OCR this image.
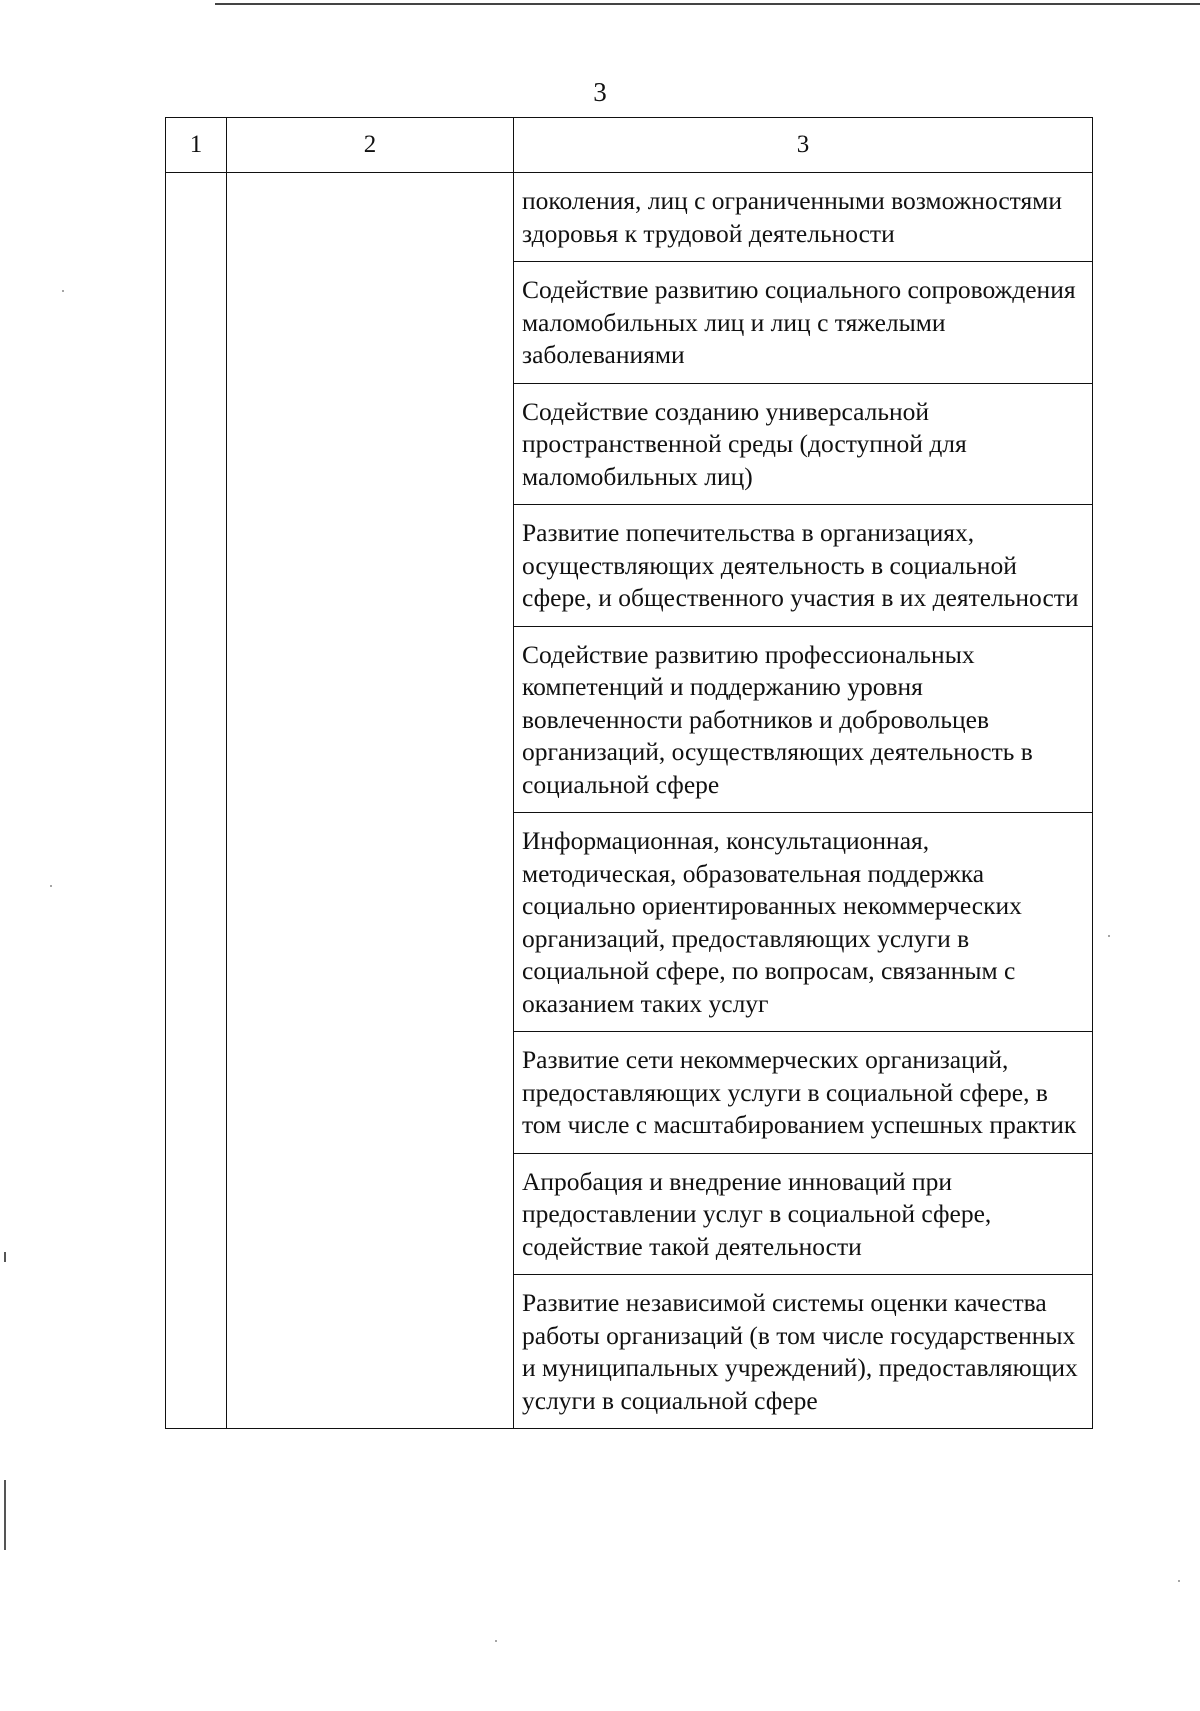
3
1	2	3

		поколения, лиц с ограниченными возможностями здоровья к трудовой деятельности

		Содействие развитию социального сопровождения маломобильных лиц и лиц с тяжелыми заболеваниями

		Содействие созданию универсальной пространственной среды (доступной для маломобильных лиц)

		Развитие попечительства в организациях, осуществляющих деятельность в социальной сфере, и общественного участия в их деятельности

		Содействие развитию профессиональных компетенций и поддержанию уровня вовлеченности работников и добровольцев организаций, осуществляющих деятельность в социальной сфере

		Информационная, консультационная, методическая, образовательная поддержка социально ориентированных некоммерческих организаций, предоставляющих услуги в социальной сфере, по вопросам, связанным с оказанием таких услуг

		Развитие сети некоммерческих организаций, предоставляющих услуги в социальной сфере, в том числе с масштабированием успешных практик

		Апробация и внедрение инноваций при предоставлении услуг в социальной сфере, содействие такой деятельности

		Развитие независимой системы оценки качества работы организаций (в том числе государственных и муниципальных учреждений), предоставляющих услуги в социальной сфере
